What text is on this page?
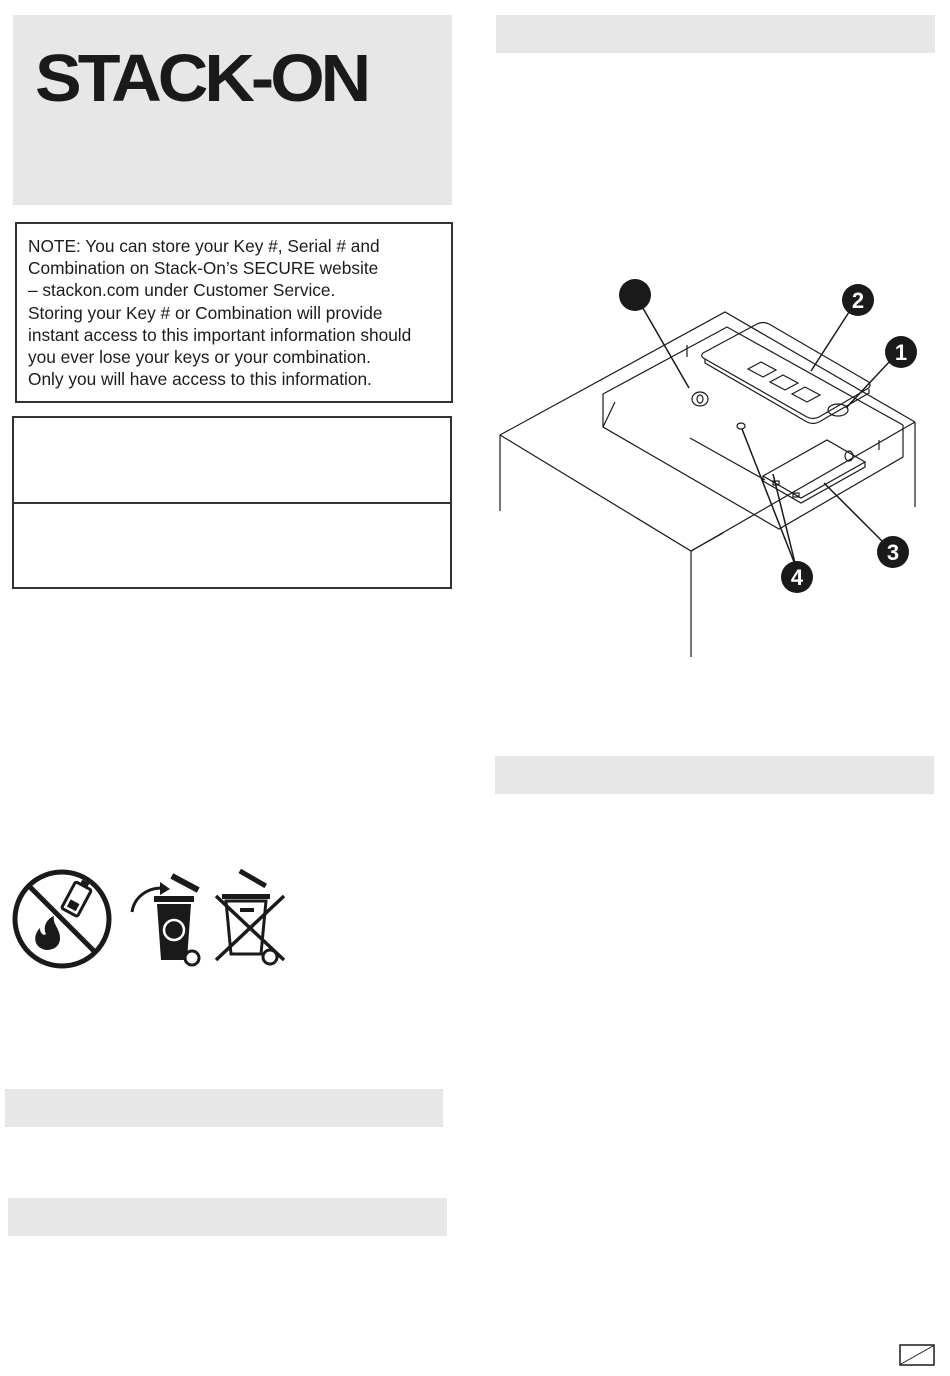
STACK-ON
NOTE: You can store your Key #, Serial # and
Combination on Stack-On’s SECURE website
– stackon.com under Customer Service.
Storing your Key # or Combination will provide
instant access to this important information should
you ever lose your keys or your combination.
Only you will have access to this information.
2
1
3
4
